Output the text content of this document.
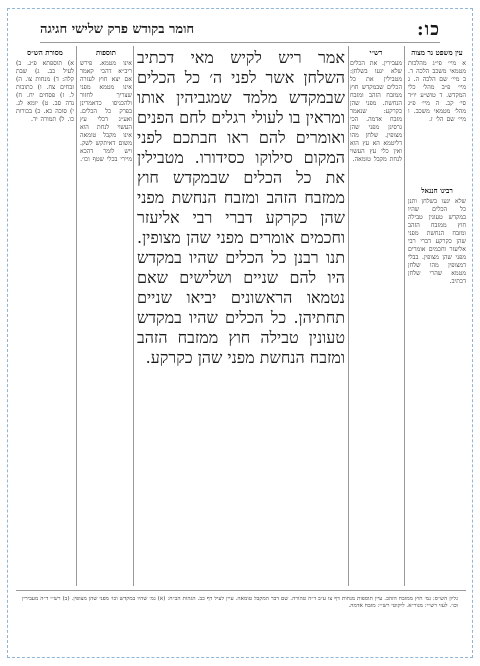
כו:
חומר בקודש פרק שלישי חגיגה
עין משפט נר מצוה
א מיי׳ פי״ג מהלכות מטמאי משכב הלכה ד. ב מיי׳ שם הלכה ה. ג מיי׳ פ״ב מהל׳ כלי המקדש. ד טוש״ע יו״ד סי׳ קכ. ה מיי׳ פ״ג מהל׳ מטמאי משכב. ו מיי׳ שם הל׳ ז.
רבינו חננאל
שלא יגעו בשלחן ותנן כל הכלים שהיו במקדש טעונין טבילה חוץ ממזבח הזהב ומזבח הנחשת מפני שהן כקרקע דברי רבי אליעזר וחכמים אומרים מפני שהן מצופין. בבלי דמצופין מהו שלחן מטמא שהרי שלחן דכתיב.
רש״י
מעבירין. את הכלים שלא יגעו בשלחן: מטבילין את כל הכלים שבמקדש חוץ ממזבח הזהב ומזבח הנחשת. מפני שהן כקרקע: שנאמר מזבח אדמה. הכי גרסינן מפני שהן מצופין. שלחן מהו דליטמא הא עץ הוא ואין כלי עץ העשוי לנחת מקבל טומאה.
תוספות
אינו מטמא. פירש ריב״א דהכי קאמר אם יצא חוץ לעזרה אינו מטמא מפני שצריך לחזור ולהכניסו כדאמרינן בפרק כל הכלים. ואע״ג דכלי עץ העשוי לנחת הוא אינו מקבל טומאה משום דאיתקש לשק. ויש לומר דהכא מיירי בכלי שטף וכו׳.
מסורת הש״ס
א) תוספתא פ״ג. ב) לעיל כב. ג) שבת קלה: ד) מנחות צו. ה) זבחים צח. ו) כתובות ל. ז) פסחים יח. ח) נדה סב. ט) יומא לג. י) סוכה כא. כ) בכורות כו. ל) תמורה יד.
אמר ריש לקיש מאי דכתיב השלחן אשר לפני ה׳ כל הכלים שבמקדש מלמד שמגביהין אותו ומראין בו לעולי רגלים לחם הפנים ואומרים להם ראו חבתכם לפני המקום סילוקו כסידורו. מטבילין את כל הכלים שבמקדש חוץ ממזבח הזהב ומזבח הנחשת מפני שהן כקרקע דברי רבי אליעזר וחכמים אומרים מפני שהן מצופין. תנו רבנן כל הכלים שהיו במקדש היו להם שניים ושלישים שאם נטמאו הראשונים יביאו שניים תחתיהן. כל הכלים שהיו במקדש טעונין טבילה חוץ ממזבח הזהב ומזבח הנחשת מפני שהן כקרקע.
גליון הש״ס: גמ׳ חוץ ממזבח הזהב. עיין תוספות מנחות דף צו ע״ב ד״ה טהורה. שם דבר המקבל טומאה. עיין לעיל דף כב. הגהות הב״ח: (א) גמ׳ שהיו במקדש וכו׳ מפני שהן מצופין. (ב) רש״י ד״ה מעבירין וכו׳. לעזי רש״י: מנור״א. ליקוטי רש״י: מזבח אדמה.
